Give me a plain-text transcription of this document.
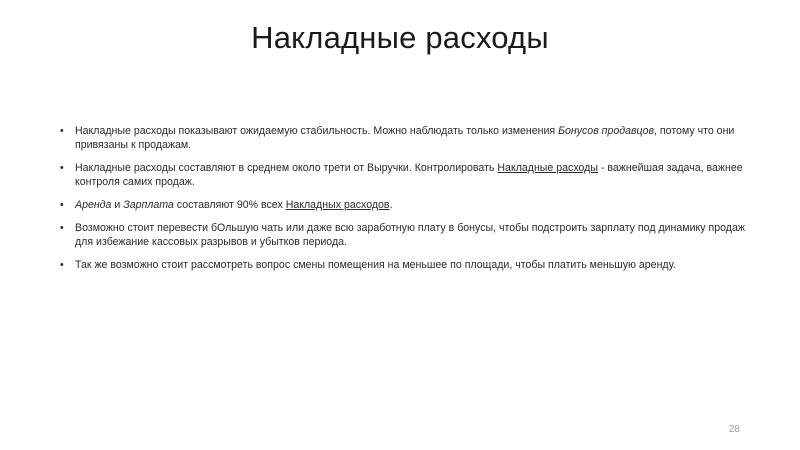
Накладные расходы
• Накладные расходы показывают ожидаемую стабильность. Можно наблюдать только изменения Бонусов продавцов, потому что они привязаны к продажам.
• Накладные расходы составляют в среднем около трети от Выручки. Контролировать Накладные расходы - важнейшая задача, важнее контроля самих продаж.
• Аренда и Зарплата составляют 90% всех Накладных расходов.
• Возможно стоит перевести бОльшую чать или даже всю заработную плату в бонусы, чтобы подстроить зарплату под динамику продаж для избежание кассовых разрывов и убытков периода.
• Так же возможно стоит рассмотреть вопрос смены помещения на меньшее по площади, чтобы платить меньшую аренду.
28
